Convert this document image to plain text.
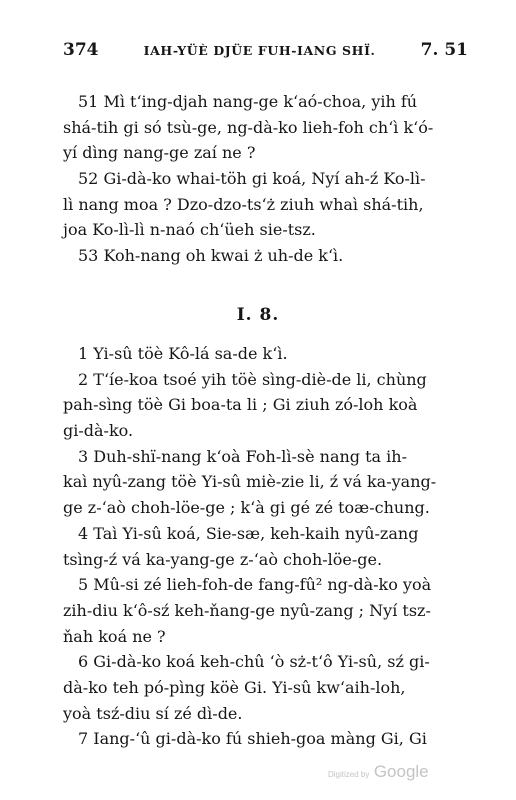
374	IAH-YÜÈ DJÜE FUH-IANG SHÏ.	7. 51
51 Mì t‘ing-djah nang-ge k‘aó-choa, yih fú
shá-tih gi só tsù-ge, ng-dà-ko lieh-foh ch‘ì k‘ó-
yí dìng nang-ge zaí ne ?
52 Gi-dà-ko whai-töh gi koá, Nyí ah-ź Ko-lì-
lì nang moa ? Dzo-dzo-ts‘ż ziuh whaì shá-tih,
joa Ko-lì-lì n-naó ch‘üeh sie-tsz.
53 Koh-nang oh kwai ż uh-de k‘ì.
I. 8.
1 Yi-sû töè Kô-lá sa-de k‘ì.
2 T‘íe-koa tsoé yih töè sìng-diè-de li, chùng
pah-sìng töè Gi boa-ta li ; Gi ziuh zó-loh koà
gi-dà-ko.
3 Duh-shï-nang k‘oà Foh-lì-sè nang ta ih-
kaì nyû-zang töè Yi-sû miè-zie li, ź vá ka-yang-
ge z-‘aò choh-löe-ge ; k‘à gi gé zé toæ-chung.
4 Taì Yi-sû koá, Sie-sæ, keh-kaih nyû-zang
tsìng-ź vá ka-yang-ge z-‘aò choh-löe-ge.
5 Mû-si zé lieh-foh-de fang-fû² ng-dà-ko yoà
zih-diu k‘ô-sź keh-ňang-ge nyû-zang ; Nyí tsz-
ňah koá ne ?
6 Gi-dà-ko koá keh-chû ‘ò sż-t‘ô Yi-sû, sź gi-
dà-ko teh pó-pìng köè Gi. Yi-sû kw‘aih-loh,
yoà tsź-diu sí zé dì-de.
7 Iang-‘û gi-dà-ko fú shieh-goa màng Gi, Gi
Digitized by Google
